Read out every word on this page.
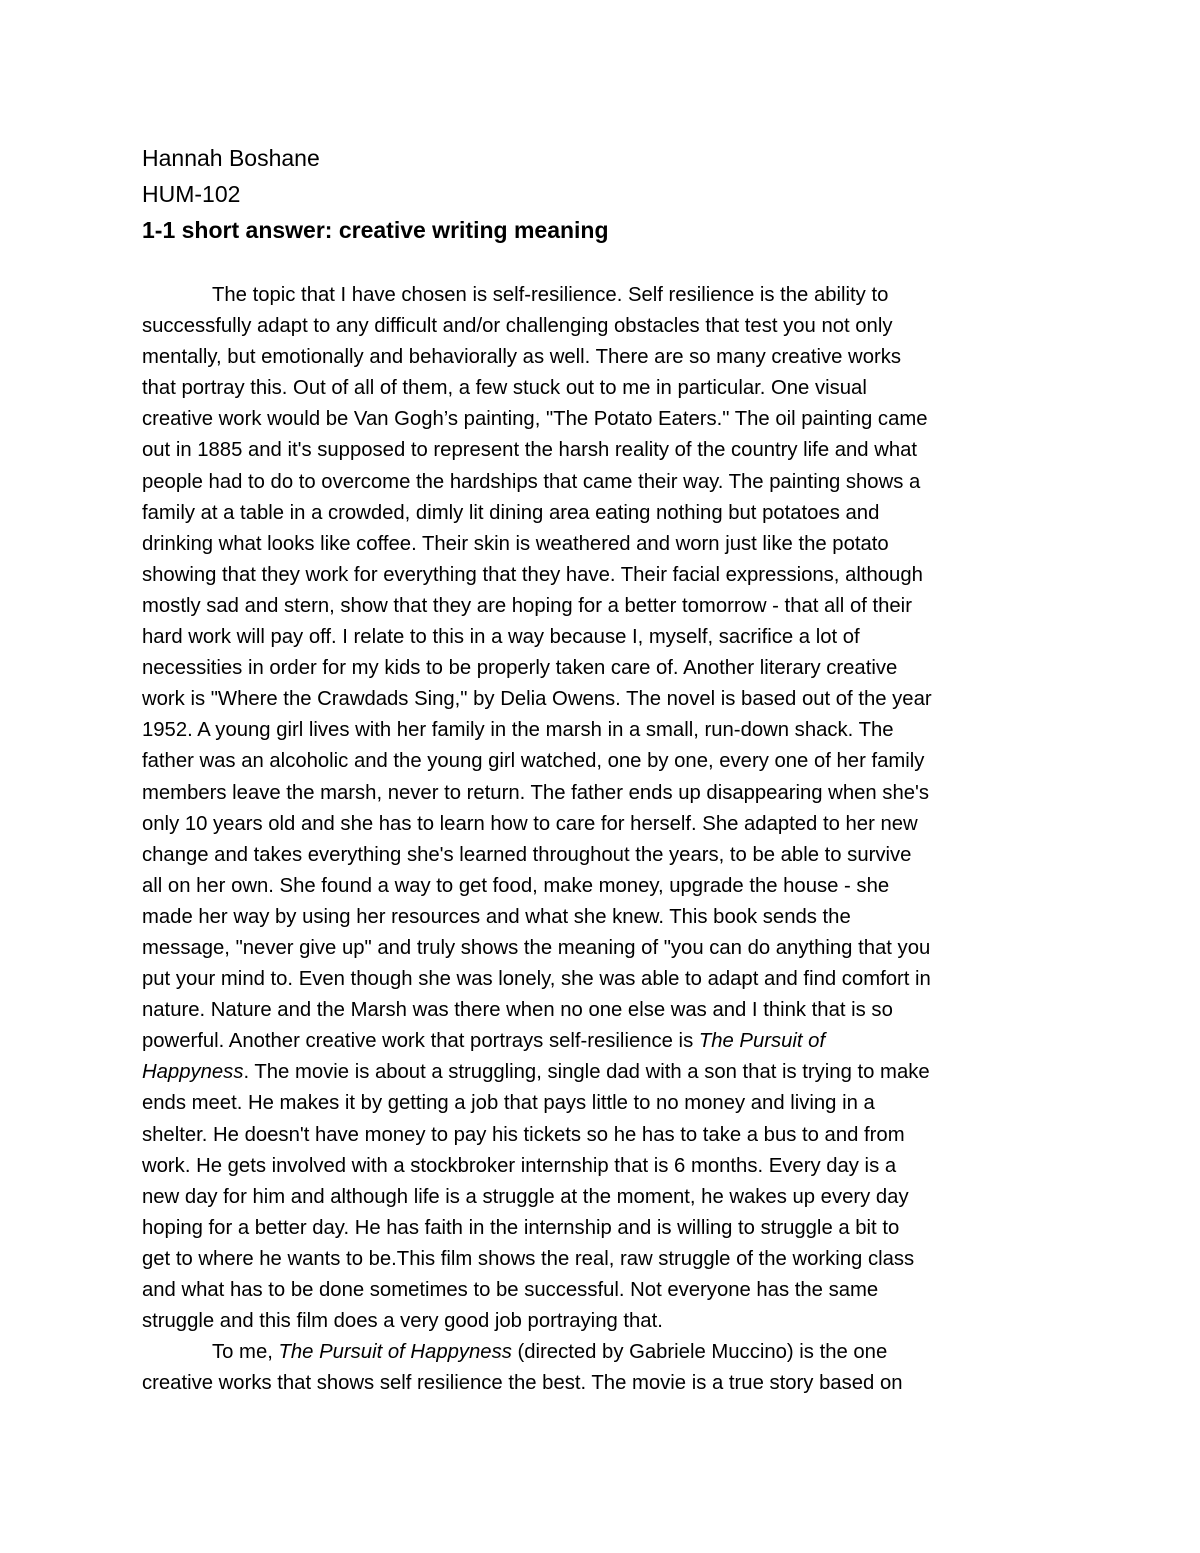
Hannah Boshane
HUM-102
1-1 short answer: creative writing meaning
The topic that I have chosen is self-resilience. Self resilience is the ability to
successfully adapt to any difficult and/or challenging obstacles that test you not only
mentally, but emotionally and behaviorally as well. There are so many creative works
that portray this. Out of all of them, a few stuck out to me in particular. One visual
creative work would be Van Gogh’s painting, "The Potato Eaters." The oil painting came
out in 1885 and it's supposed to represent the harsh reality of the country life and what
people had to do to overcome the hardships that came their way. The painting shows a
family at a table in a crowded, dimly lit dining area eating nothing but potatoes and
drinking what looks like coffee. Their skin is weathered and worn just like the potato
showing that they work for everything that they have. Their facial expressions, although
mostly sad and stern, show that they are hoping for a better tomorrow - that all of their
hard work will pay off. I relate to this in a way because I, myself, sacrifice a lot of
necessities in order for my kids to be properly taken care of. Another literary creative
work is "Where the Crawdads Sing," by Delia Owens. The novel is based out of the year
1952. A young girl lives with her family in the marsh in a small, run-down shack. The
father was an alcoholic and the young girl watched, one by one, every one of her family
members leave the marsh, never to return. The father ends up disappearing when she's
only 10 years old and she has to learn how to care for herself. She adapted to her new
change and takes everything she's learned throughout the years, to be able to survive
all on her own. She found a way to get food, make money, upgrade the house - she
made her way by using her resources and what she knew. This book sends the
message, "never give up" and truly shows the meaning of "you can do anything that you
put your mind to. Even though she was lonely, she was able to adapt and find comfort in
nature. Nature and the Marsh was there when no one else was and I think that is so
powerful. Another creative work that portrays self-resilience is The Pursuit of
Happyness. The movie is about a struggling, single dad with a son that is trying to make
ends meet. He makes it by getting a job that pays little to no money and living in a
shelter. He doesn't have money to pay his tickets so he has to take a bus to and from
work. He gets involved with a stockbroker internship that is 6 months. Every day is a
new day for him and although life is a struggle at the moment, he wakes up every day
hoping for a better day. He has faith in the internship and is willing to struggle a bit to
get to where he wants to be.This film shows the real, raw struggle of the working class
and what has to be done sometimes to be successful. Not everyone has the same
struggle and this film does a very good job portraying that.
To me, The Pursuit of Happyness (directed by Gabriele Muccino) is the one
creative works that shows self resilience the best. The movie is a true story based on
